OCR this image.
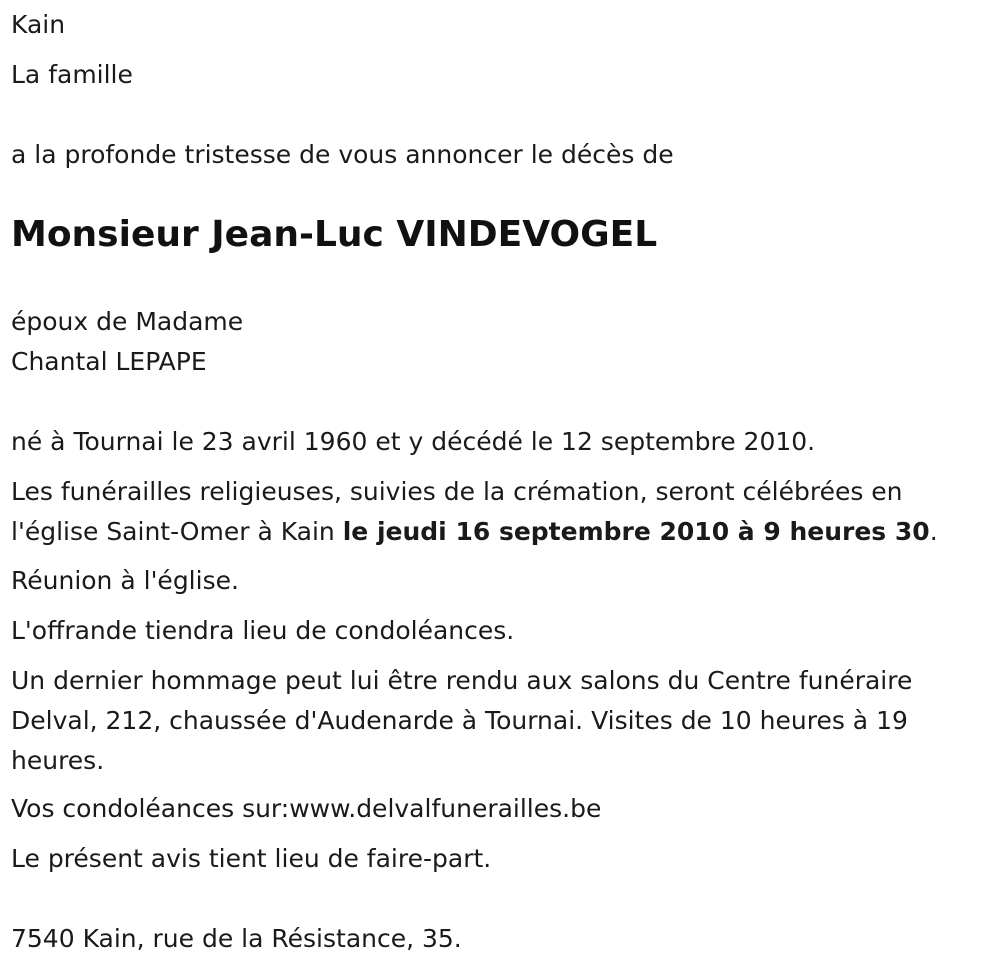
Kain

La famille

a la profonde tristesse de vous annoncer le décès de

Monsieur Jean-Luc VINDEVOGEL

époux de Madame

Chantal LEPAPE

né à Tournai le 23 avril 1960 et y décédé le 12 septembre 2010.

Les funérailles religieuses, suivies de la crémation, seront célébrées en l'église Saint-Omer à Kain le jeudi 16 septembre 2010 à 9 heures 30.

Réunion à l'église.

L'offrande tiendra lieu de condoléances.

Un dernier hommage peut lui être rendu aux salons du Centre funéraire Delval, 212, chaussée d'Audenarde à Tournai. Visites de 10 heures à 19 heures.

Vos condoléances sur:www.delvalfunerailles.be

Le présent avis tient lieu de faire-part.

7540 Kain, rue de la Résistance, 35.
